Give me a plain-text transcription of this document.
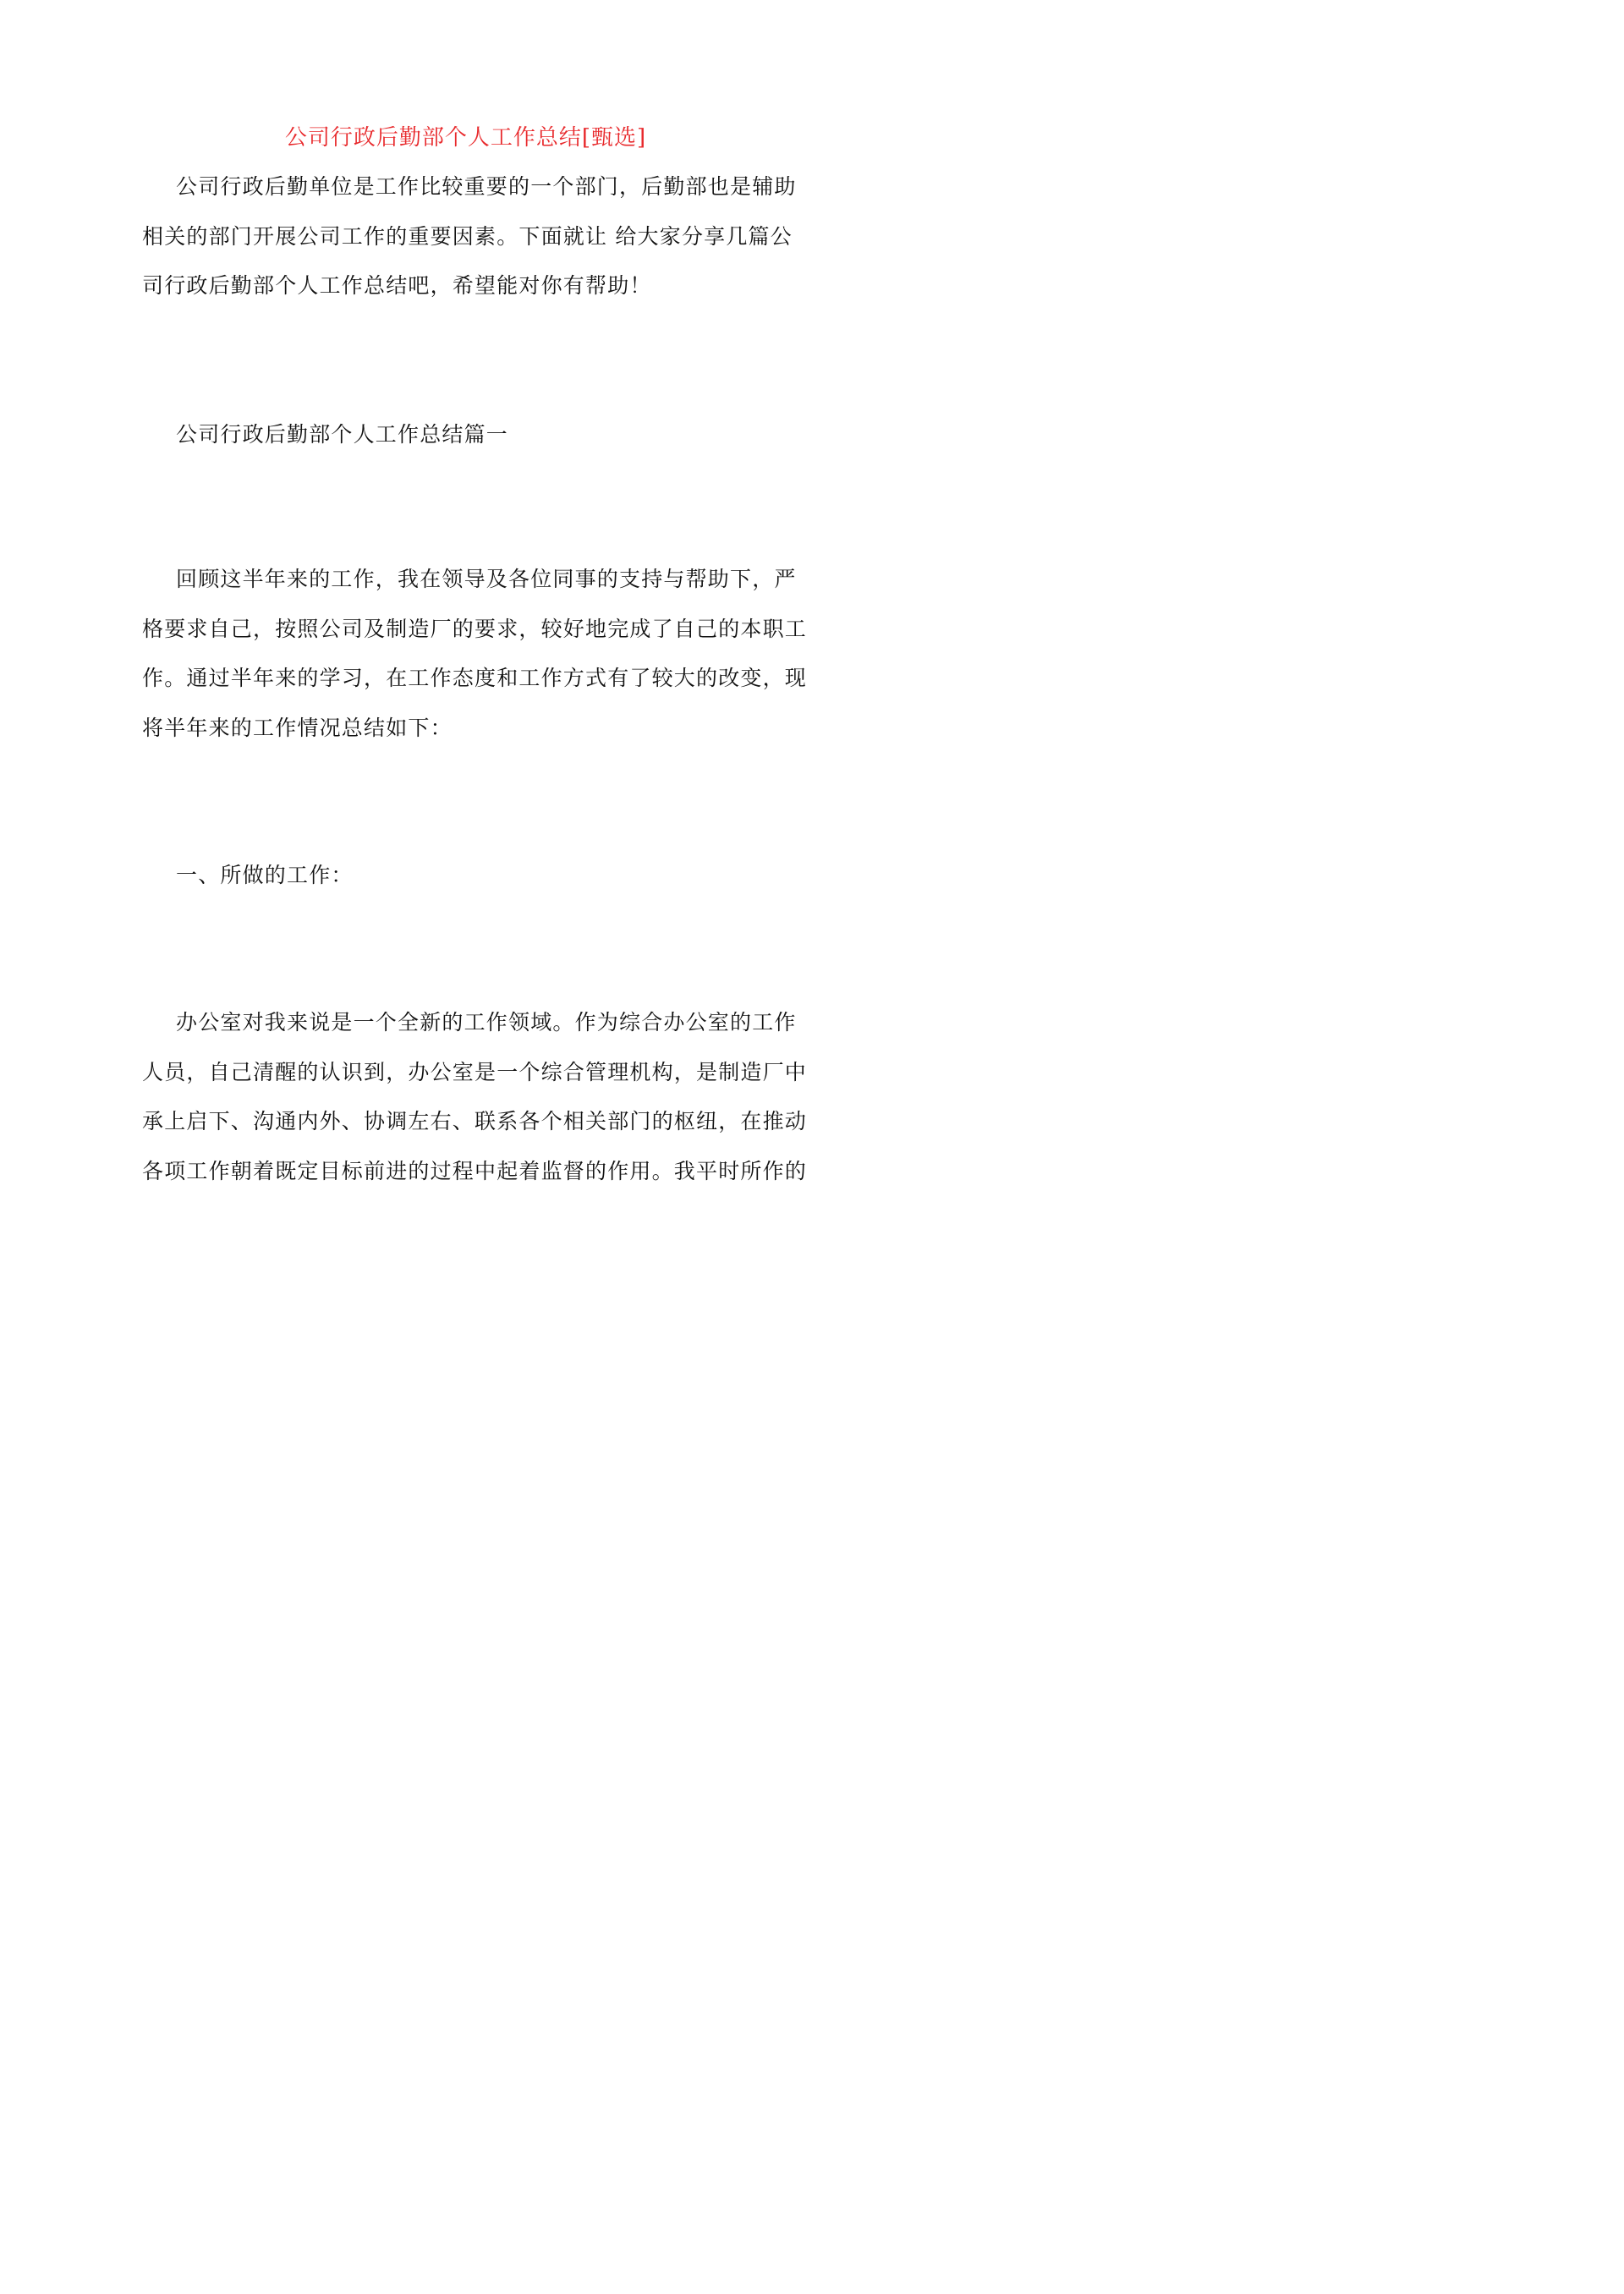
公司行政后勤部个人工作总结[甄选]
公司行政后勤单位是工作比较重要的一个部门，后勤部也是辅助
相关的部门开展公司工作的重要因素。下面就让 给大家分享几篇公
司行政后勤部个人工作总结吧，希望能对你有帮助！
公司行政后勤部个人工作总结篇一
回顾这半年来的工作，我在领导及各位同事的支持与帮助下，严
格要求自己，按照公司及制造厂的要求，较好地完成了自己的本职工
作。通过半年来的学习，在工作态度和工作方式有了较大的改变，现
将半年来的工作情况总结如下：
一、所做的工作：
办公室对我来说是一个全新的工作领域。作为综合办公室的工作
人员，自己清醒的认识到，办公室是一个综合管理机构，是制造厂中
承上启下、沟通内外、协调左右、联系各个相关部门的枢纽，在推动
各项工作朝着既定目标前进的过程中起着监督的作用。我平时所作的
